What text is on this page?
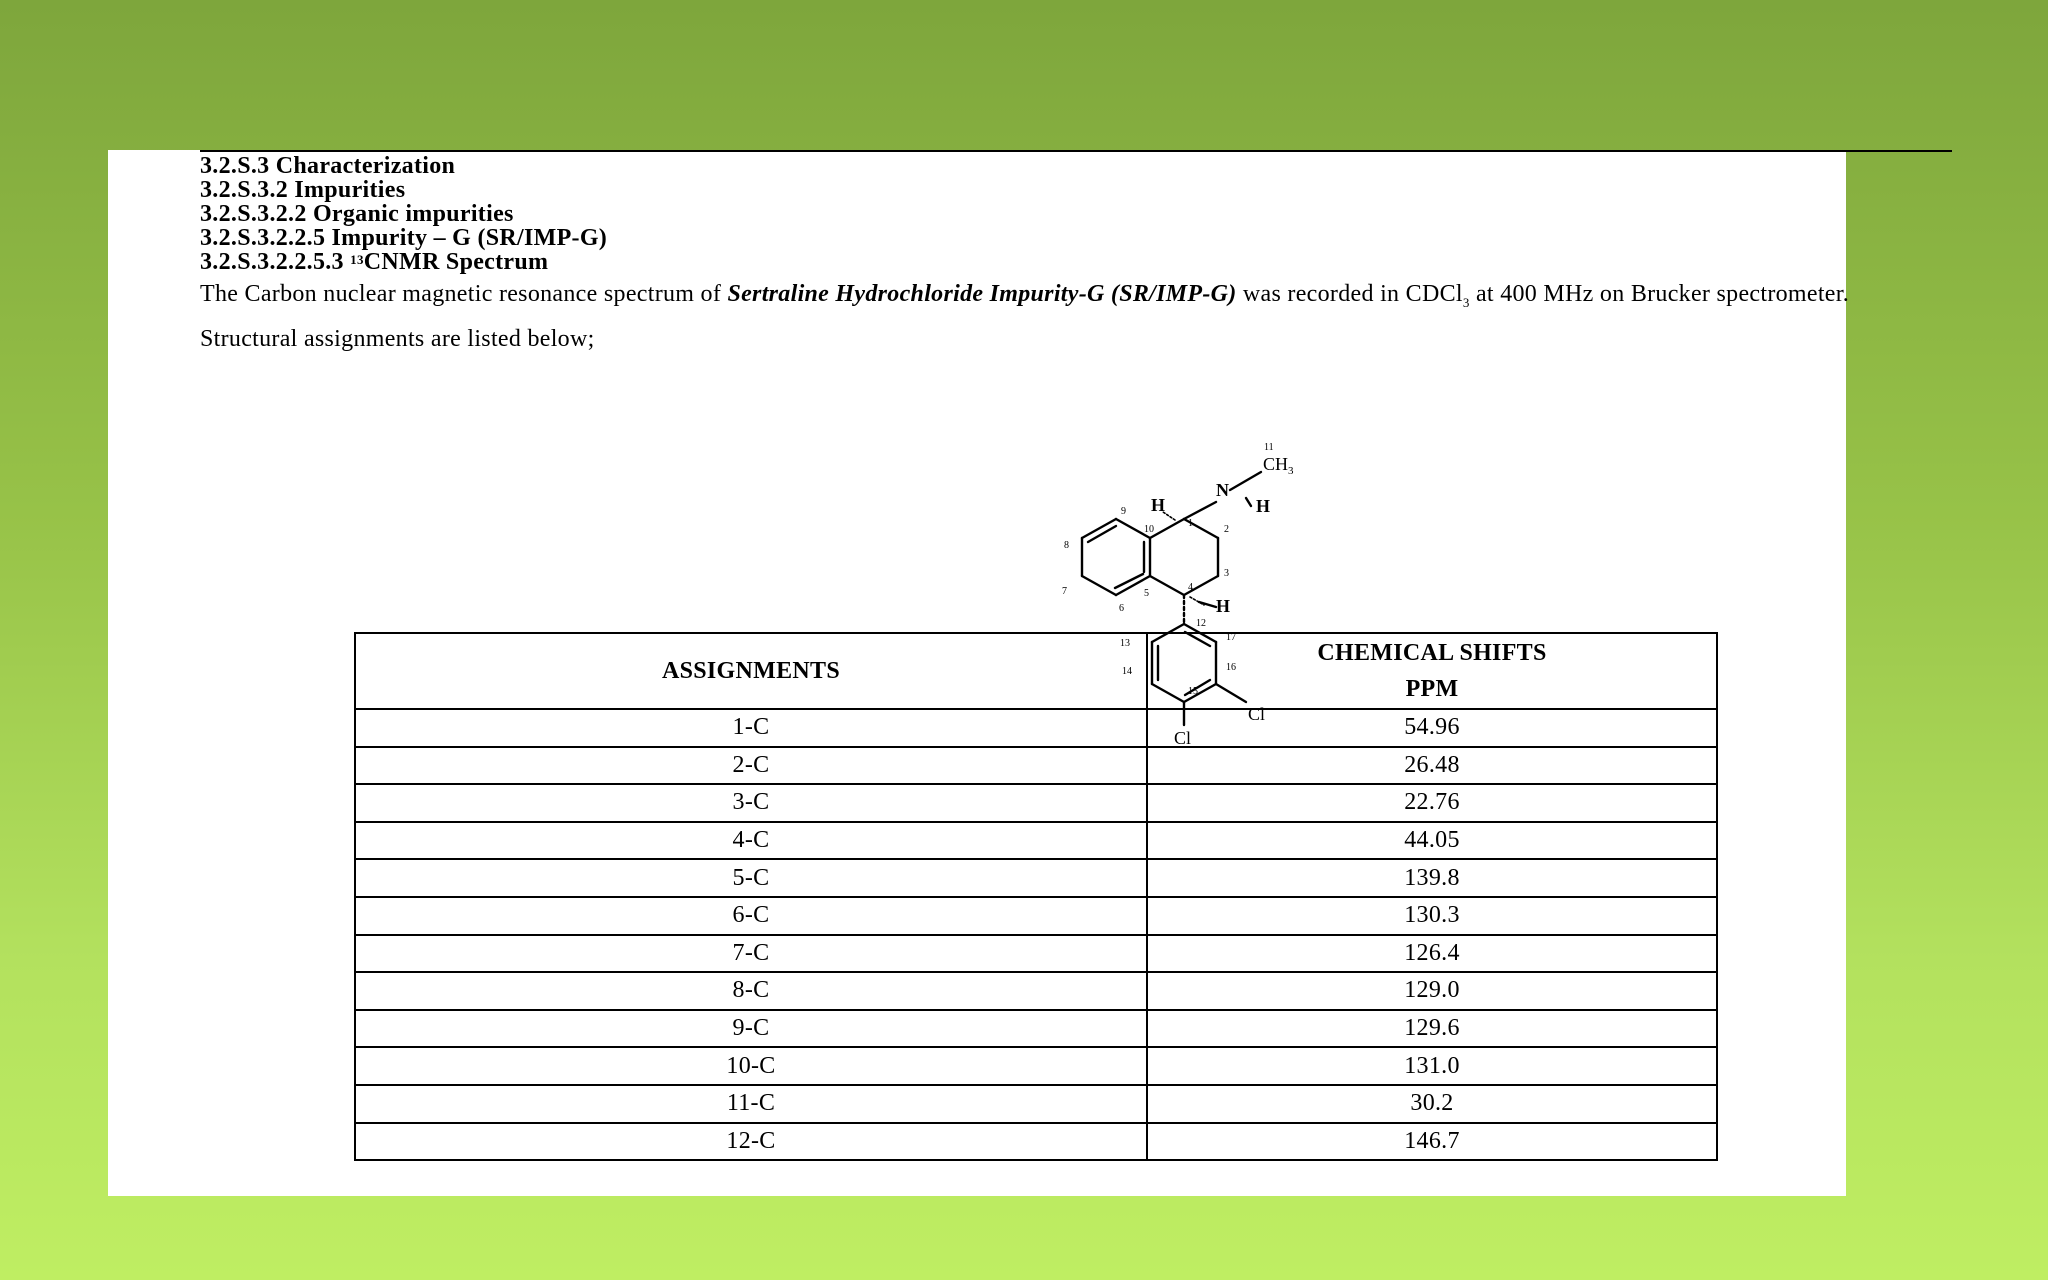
3.2.S.3 Characterization
3.2.S.3.2 Impurities
3.2.S.3.2.2 Organic impurities
3.2.S.3.2.2.5 Impurity – G (SR/IMP-G)
3.2.S.3.2.2.5.3 $^{13}$CNMR Spectrum
The Carbon nuclear magnetic resonance spectrum of Sertraline Hydrochloride Impurity-G (SR/IMP-G) was recorded in CDCl$_3$ at 400 MHz on Brucker spectrometer. Structural assignments are listed below;
$CH_3$
N
H	H
H
Cl
Cl
11
1
2
3
4
5
6
7
8
9
10
12
13
14
15
16
17
ASSIGNMENTS	CHEMICAL SHIFTS
PPM

1-C	54.96
2-C	26.48
3-C	22.76
4-C	44.05
5-C	139.8
6-C	130.3
7-C	126.4
8-C	129.0
9-C	129.6
10-C	131.0
11-C	30.2
12-C	146.7
